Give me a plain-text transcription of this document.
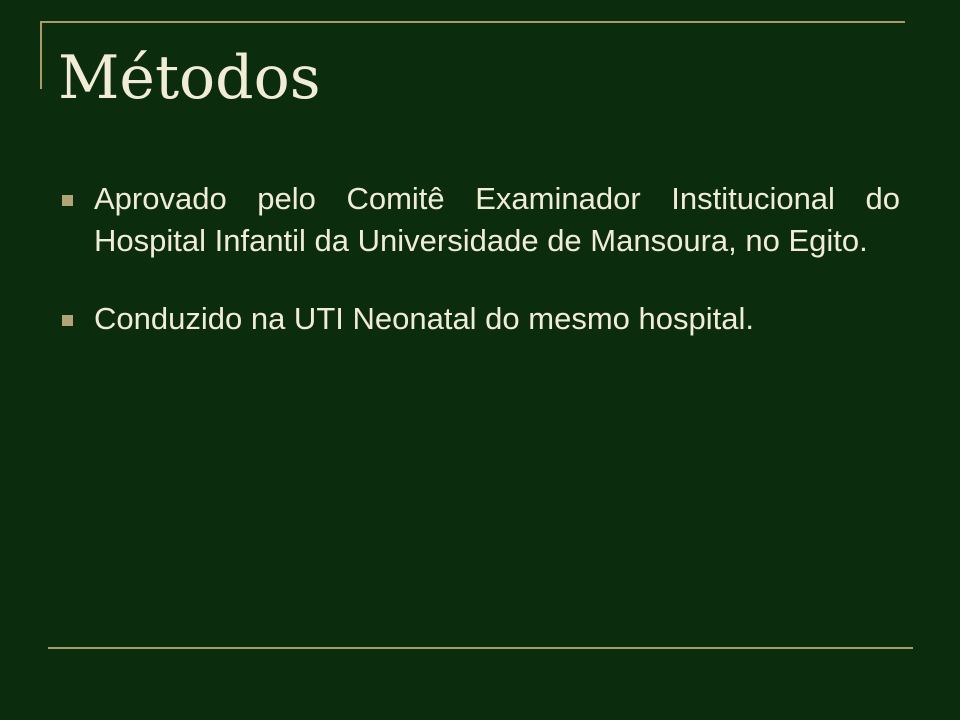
Métodos
Aprovado pelo Comitê Examinador Institucional do Hospital Infantil da Universidade de Mansoura, no Egito.
Conduzido na UTI Neonatal do mesmo hospital.
